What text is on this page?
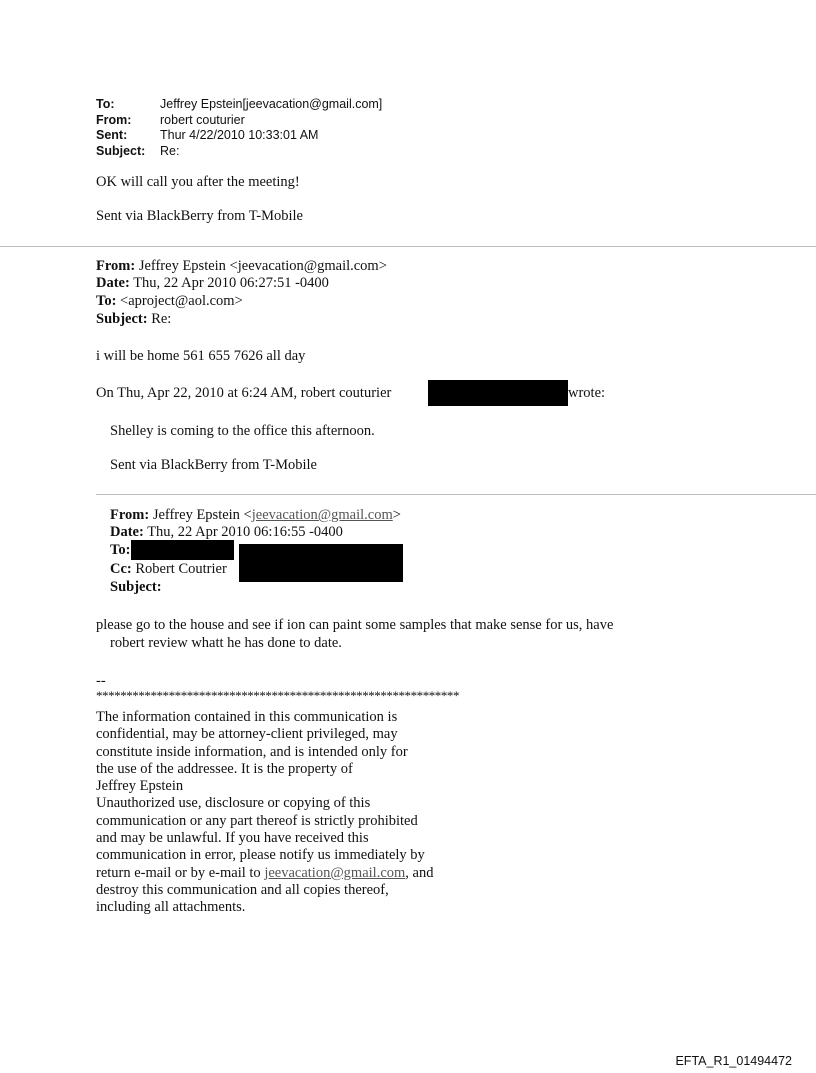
To:	Jeffrey Epstein[jeevacation@gmail.com]
From:	robert couturier
Sent:	Thur 4/22/2010 10:33:01 AM
Subject:	Re:
OK will call you after the meeting!
Sent via BlackBerry from T-Mobile
From: Jeffrey Epstein <jeevacation@gmail.com>
Date: Thu, 22 Apr 2010 06:27:51 -0400
To: <aproject@aol.com>
Subject: Re:
i will be home 561 655 7626 all day
On Thu, Apr 22, 2010 at 6:24 AM, robert couturier	wrote:
Shelley is coming to the office this afternoon.
Sent via BlackBerry from T-Mobile
From: Jeffrey Epstein <jeevacation@gmail.com>
Date: Thu, 22 Apr 2010 06:16:55 -0400
To:
Cc: Robert Coutrier
Subject:
please go to the house and see if ion can paint some samples that make sense for us, have
robert review whatt he has done to date.
--
************************************************************
The information contained in this communication is
confidential, may be attorney-client privileged, may
constitute inside information, and is intended only for
the use of the addressee. It is the property of
Jeffrey Epstein
Unauthorized use, disclosure or copying of this
communication or any part thereof is strictly prohibited
and may be unlawful. If you have received this
communication in error, please notify us immediately by
return e-mail or by e-mail to jeevacation@gmail.com, and
destroy this communication and all copies thereof,
including all attachments.
EFTA_R1_01494472
